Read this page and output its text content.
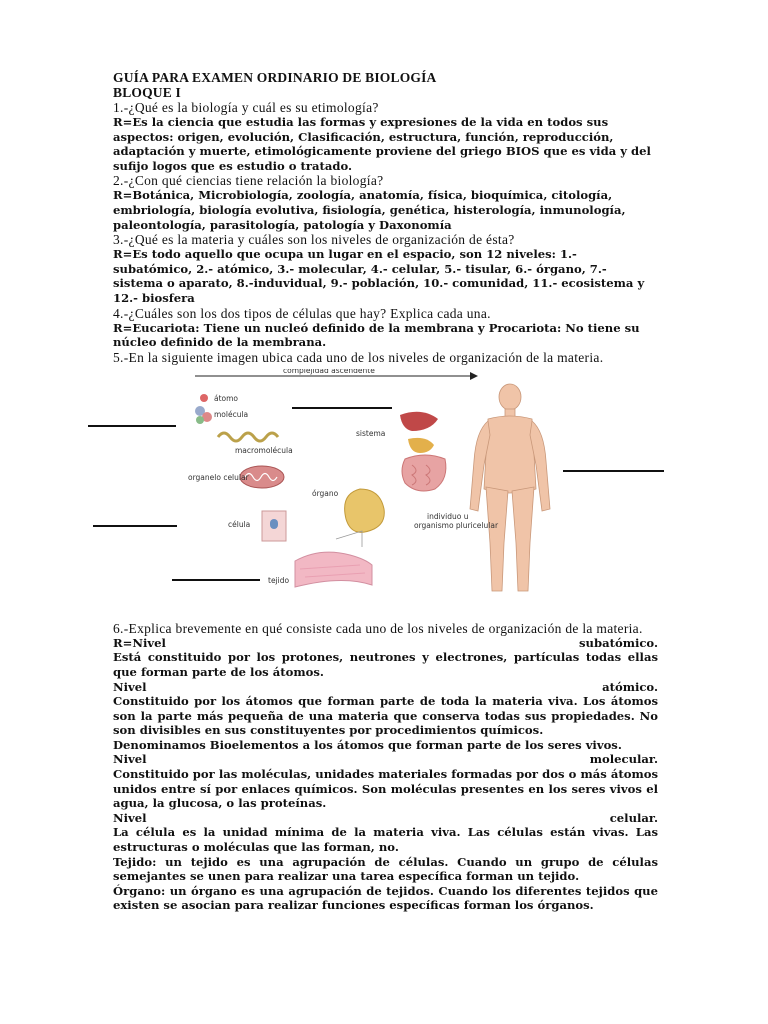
GUÍA PARA EXAMEN ORDINARIO DE BIOLOGÍA

BLOQUE I

1.-¿Qué es la biología y cuál es su etimología?

R=Es la ciencia que estudia las formas y expresiones de la vida en todos sus aspectos: origen, evolución, Clasificación, estructura, función, reproducción, adaptación y muerte, etimológicamente proviene del griego BIOS que es vida y del sufijo logos que es estudio o tratado.

2.-¿Con qué ciencias tiene relación la biología?

R=Botánica, Microbiología, zoología, anatomía, física, bioquímica, citología, embriología, biología evolutiva, fisiología, genética, histerología, inmunología, paleontología, parasitología, patología y Daxonomía

3.-¿Qué es la materia y cuáles son los niveles de organización de ésta?

R=Es todo aquello que ocupa un lugar en el espacio, son 12 niveles: 1.- subatómico, 2.- atómico, 3.- molecular, 4.- celular, 5.- tisular, 6.- órgano, 7.- sistema o aparato, 8.-induvidual, 9.- población, 10.- comunidad, 11.- ecosistema y 12.- biosfera

4.-¿Cuáles son los dos tipos de células que hay? Explica cada una.

R=Eucariota: Tiene un nucleó definido de la membrana y Procariota: No tiene su núcleo definido de la membrana.

5.-En la siguiente imagen ubica cada uno de los niveles de organización de la materia.

complejidad ascendente
átomo
molécula
macromolécula
organelo celular
célula
tejido
órgano
sistema
individuo u
organismo pluricelular

6.-Explica brevemente en qué consiste cada uno de los niveles de organización de la materia.

R=Nivel	subatómico.

Está constituido por los protones, neutrones y electrones, partículas todas ellas que forman parte de los átomos.

Nivel	atómico.

Constituido por los átomos que forman parte de toda la materia viva. Los átomos son la parte más pequeña de una materia que conserva todas sus propiedades. No son divisibles en sus constituyentes por procedimientos químicos.

Denominamos Bioelementos a los átomos que forman parte de los seres vivos.

Nivel	molecular.

Constituido por las moléculas, unidades materiales formadas por dos o más átomos unidos entre sí por enlaces químicos. Son moléculas presentes en los seres vivos el agua, la glucosa, o las proteínas.

Nivel	celular.

La célula es la unidad mínima de la materia viva. Las células están vivas. Las estructuras o moléculas que las forman, no.

Tejido: un tejido es una agrupación de células. Cuando un grupo de células semejantes se unen para realizar una tarea específica forman un tejido.

Órgano: un órgano es una agrupación de tejidos. Cuando los diferentes tejidos que existen se asocian para realizar funciones específicas forman los órganos.
